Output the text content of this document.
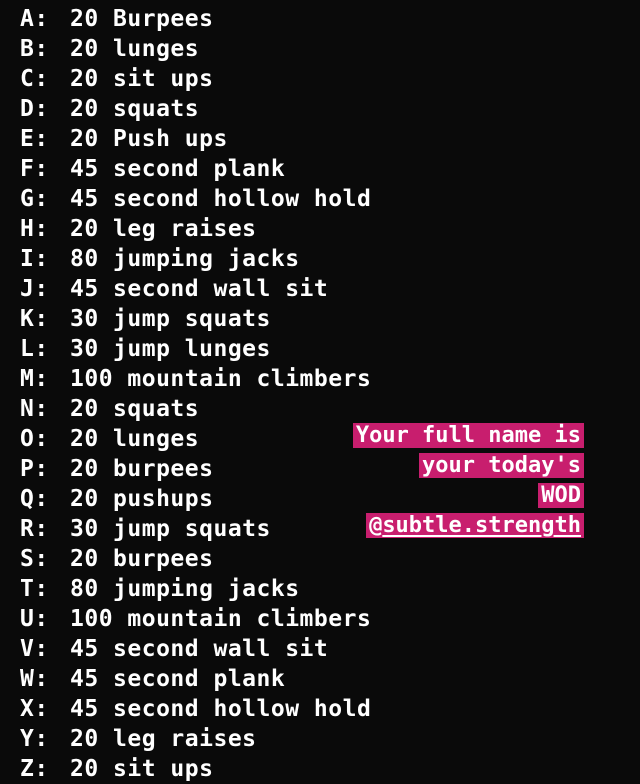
A: 20 Burpees
B: 20 lunges
C: 20 sit ups
D: 20 squats
E: 20 Push ups
F: 45 second plank
G: 45 second hollow hold
H: 20 leg raises
I: 80 jumping jacks
J: 45 second wall sit
K: 30 jump squats
L: 30 jump lunges
M: 100 mountain climbers
N: 20 squats
O: 20 lunges
P: 20 burpees
Q: 20 pushups
R: 30 jump squats
S: 20 burpees
T: 80 jumping jacks
U: 100 mountain climbers
V: 45 second wall sit
W: 45 second plank
X: 45 second hollow hold
Y: 20 leg raises
Z: 20 sit ups
Your full name is
your today's
WOD
@subtle.strength
